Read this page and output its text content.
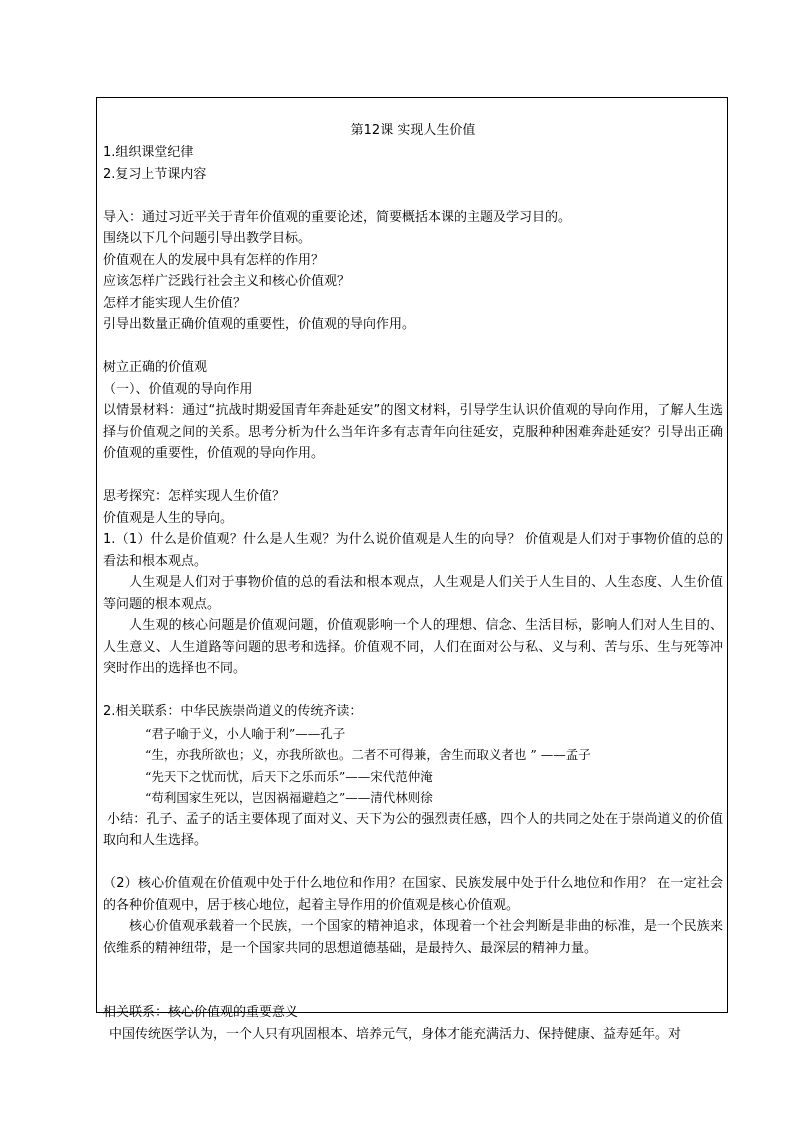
第12课 实现人生价值
1.组织课堂纪律
2.复习上节课内容
导入：通过习近平关于青年价值观的重要论述，简要概括本课的主题及学习目的。
围绕以下几个问题引导出教学目标。
价值观在人的发展中具有怎样的作用？
应该怎样广泛践行社会主义和核心价值观？
怎样才能实现人生价值？
引导出数量正确价值观的重要性，价值观的导向作用。
树立正确的价值观
（一）、价值观的导向作用
以情景材料：通过“抗战时期爱国青年奔赴延安”的图文材料，引导学生认识价值观的导向作用，了解人生选择与价值观之间的关系。思考分析为什么当年许多有志青年向往延安，克服种种困难奔赴延安？引导出正确价值观的重要性，价值观的导向作用。
思考探究：怎样实现人生价值？
价值观是人生的导向。
1.（1）什么是价值观？什么是人生观？为什么说价值观是人生的向导？ 价值观是人们对于事物价值的总的看法和根本观点。
人生观是人们对于事物价值的总的看法和根本观点，人生观是人们关于人生目的、人生态度、人生价值等问题的根本观点。
人生观的核心问题是价值观问题，价值观影响一个人的理想、信念、生活目标，影响人们对人生目的、人生意义、人生道路等问题的思考和选择。价值观不同，人们在面对公与私、义与利、苦与乐、生与死等冲突时作出的选择也不同。
2.相关联系：中华民族崇尚道义的传统齐读：
“君子喻于义，小人喻于利”——孔子
“生，亦我所欲也；义，亦我所欲也。二者不可得兼，舍生而取义者也 ” ——孟子
“先天下之忧而忧，后天下之乐而乐”——宋代范仲淹
“苟利国家生死以，岂因祸福避趋之”——清代林则徐
小结：孔子、孟子的话主要体现了面对义、天下为公的强烈责任感，四个人的共同之处在于崇尚道义的价值取向和人生选择。
（2）核心价值观在价值观中处于什么地位和作用？在国家、民族发展中处于什么地位和作用？ 在一定社会的各种价值观中，居于核心地位，起着主导作用的价值观是核心价值观。
核心价值观承载着一个民族，一个国家的精神追求，体现着一个社会判断是非曲的标准，是一个民族来依维系的精神纽带，是一个国家共同的思想道德基础，是最持久、最深层的精神力量。
相关联系：核心价值观的重要意义
中国传统医学认为，一个人只有巩固根本、培养元气，身体才能充满活力、保持健康、益寿延年。对
